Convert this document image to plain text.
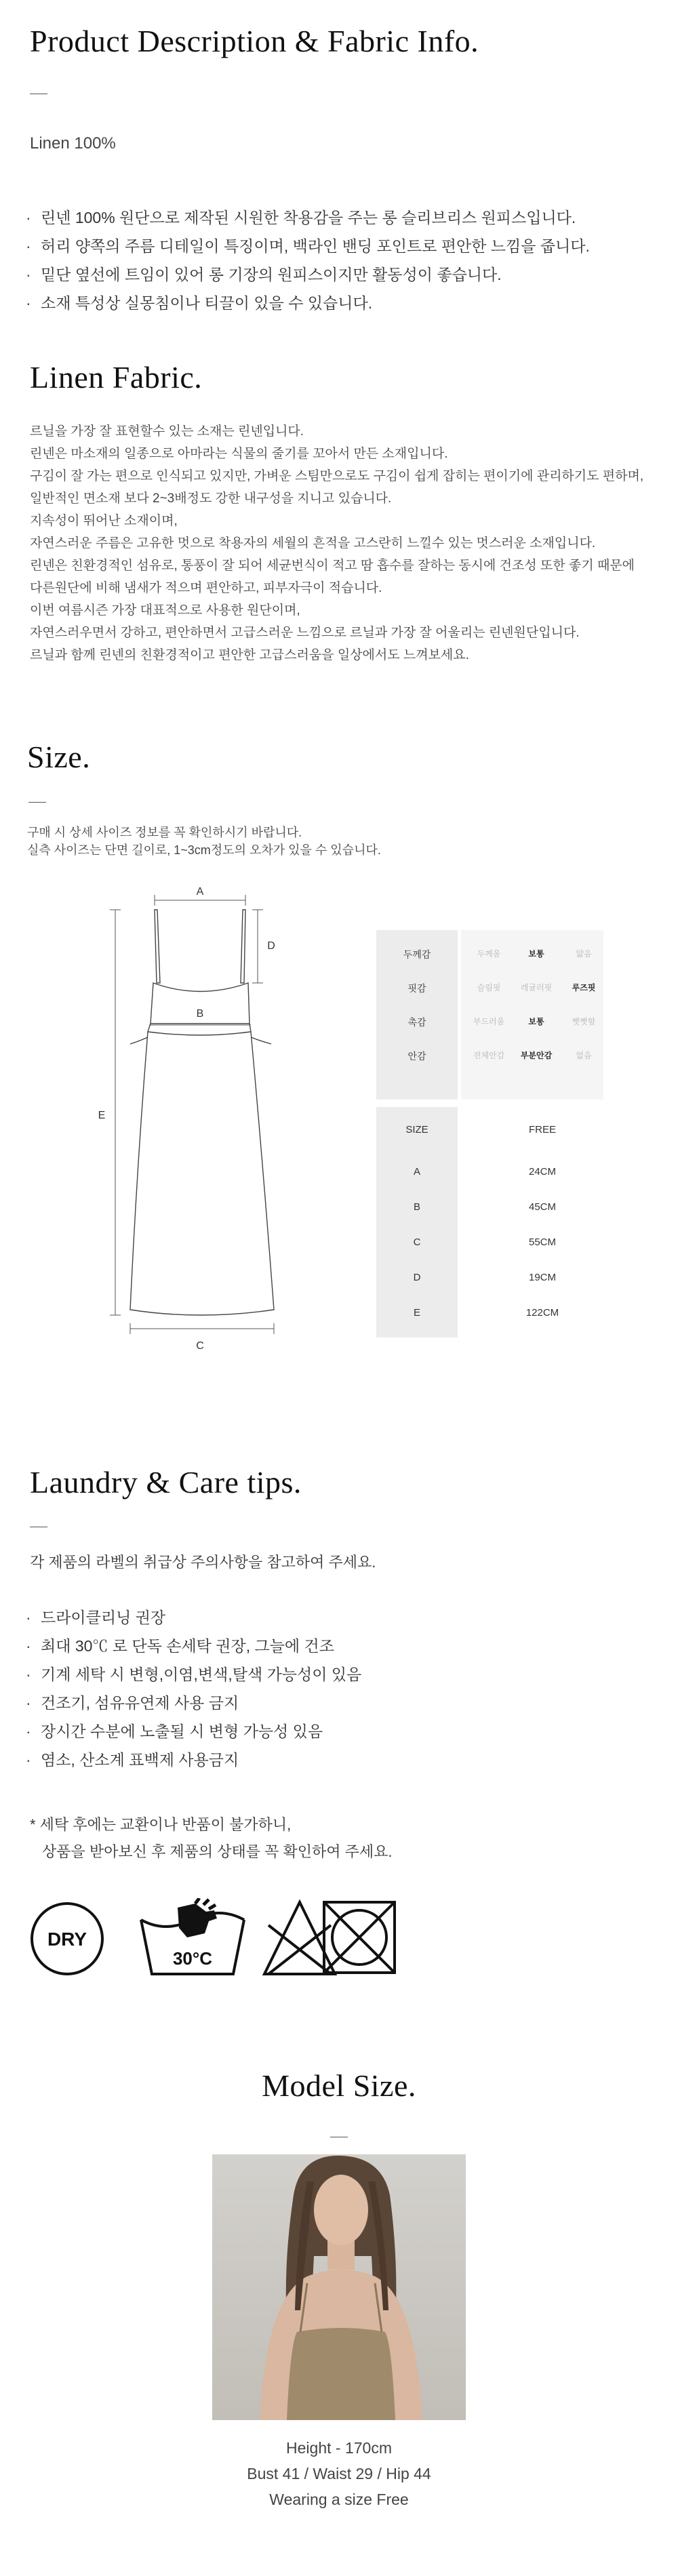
Product Description & Fabric Info.
Linen 100%
· 린넨 100% 원단으로 제작된 시원한 착용감을 주는 롱 슬리브리스 원피스입니다.
· 허리 양쪽의 주름 디테일이 특징이며, 백라인 밴딩 포인트로 편안한 느낌을 줍니다.
· 밑단 옆선에 트임이 있어 롱 기장의 원피스이지만 활동성이 좋습니다.
· 소재 특성상 실몽침이나 티끌이 있을 수 있습니다.
Linen Fabric.
르닐을 가장 잘 표현할수 있는 소재는 린넨입니다.
린넨은 마소재의 일종으로 아마라는 식물의 줄기를 꼬아서 만든 소재입니다.
구김이 잘 가는 편으로 인식되고 있지만, 가벼운 스팀만으로도 구김이 쉽게 잡히는 편이기에 관리하기도 편하며,
일반적인 면소재 보다 2~3배정도 강한 내구성을 지니고 있습니다.
지속성이 뛰어난 소재이며,
자연스러운 주름은 고유한 멋으로 착용자의 세월의 흔적을 고스란히 느낄수 있는 멋스러운 소재입니다.
린넨은 친환경적인 섬유로, 통풍이 잘 되어 세균번식이 적고 땀 흡수를 잘하는 동시에 건조성 또한 좋기 때문에
다른원단에 비해 냄새가 적으며 편안하고, 피부자극이 적습니다.
이번 여름시즌 가장 대표적으로 사용한 원단이며,
자연스러우면서 강하고, 편안하면서 고급스러운 느낌으로 르닐과 가장 잘 어울리는 린넨원단입니다.
르닐과 함께 린넨의 친환경적이고 편안한 고급스러움을 일상에서도 느껴보세요.
Size.
구매 시 상세 사이즈 정보를 꼭 확인하시기 바랍니다.
실측 사이즈는 단면 길이로, 1~3cm정도의 오차가 있을 수 있습니다.
A
B
C
D
E
두께감	두께움	보통	얇음
핏감	슬림핏	레귤러핏	루즈핏
촉감	부드러움	보통	뻣뻣함
안감	전체안감	부분안감	없음
SIZE	FREE
A	24CM
B	45CM
C	55CM
D	19CM
E	122CM
Laundry & Care tips.
각 제품의 라벨의 취급상 주의사항을 참고하여 주세요.
· 드라이클리닝 권장
· 최대 30℃ 로 단독 손세탁 권장, 그늘에 건조
· 기계 세탁 시 변형,이염,변색,탈색 가능성이 있음
· 건조기, 섬유유연제 사용 금지
· 장시간 수분에 노출될 시 변형 가능성 있음
· 염소, 산소계 표백제 사용금지
* 세탁 후에는 교환이나 반품이 불가하니,
상품을 받아보신 후 제품의 상태를 꼭 확인하여 주세요.
DRY
30°C
Model Size.
Height - 170cm
Bust 41 / Waist 29 / Hip 44
Wearing a size Free
